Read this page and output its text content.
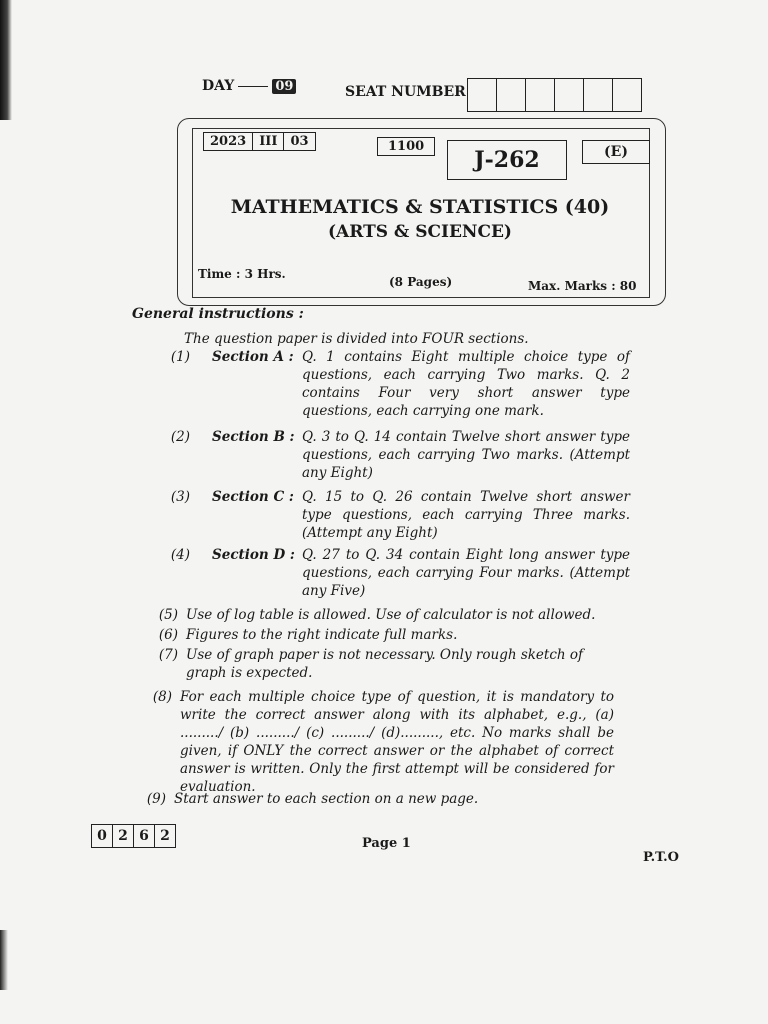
DAY	09	SEAT NUMBER
2023	III	03	1100
J-262	(E)
MATHEMATICS & STATISTICS (40)
(ARTS & SCIENCE)
Time : 3 Hrs.
(8 Pages)	Max. Marks : 80
General instructions :
The question paper is divided into FOUR sections.
(1) Section A : Q. 1 contains Eight multiple choice type of questions, each carrying Two marks. Q. 2 contains Four very short answer type questions, each carrying one mark.
(2) Section B : Q. 3 to Q. 14 contain Twelve short answer type questions, each carrying Two marks. (Attempt any Eight)
(3) Section C : Q. 15 to Q. 26 contain Twelve short answer type questions, each carrying Three marks. (Attempt any Eight)
(4) Section D : Q. 27 to Q. 34 contain Eight long answer type questions, each carrying Four marks. (Attempt any Five)
(5) Use of log table is allowed. Use of calculator is not allowed.
(6) Figures to the right indicate full marks.
(7) Use of graph paper is not necessary. Only rough sketch of graph is expected.
(8) For each multiple choice type of question, it is mandatory to write the correct answer along with its alphabet, e.g., (a) ........./ (b) ........./ (c) ........./ (d)........., etc. No marks shall be given, if ONLY the correct answer or the alphabet of correct answer is written. Only the first attempt will be considered for evaluation.
(9) Start answer to each section on a new page.
0 2 6 2	Page 1
P.T.O
